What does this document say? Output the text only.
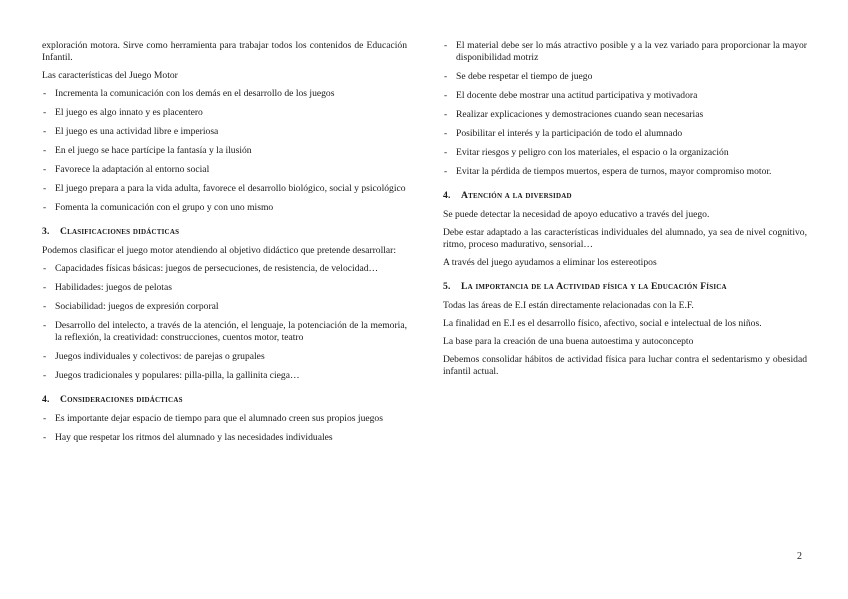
exploración motora. Sirve como herramienta para trabajar todos los contenidos de Educación Infantil.

Las características del Juego Motor

- Incrementa la comunicación con los demás en el desarrollo de los juegos
- El juego es algo innato y es placentero
- El juego es una actividad libre e imperiosa
- En el juego se hace partícipe la fantasía y la ilusión
- Favorece la adaptación al entorno social
- El juego prepara a para la vida adulta, favorece el desarrollo biológico, social y psicológico
- Fomenta la comunicación con el grupo y con uno mismo
3. Clasificaciones didácticas

Podemos clasificar el juego motor atendiendo al objetivo didáctico que pretende desarrollar:

- Capacidades físicas básicas: juegos de persecuciones, de resistencia, de velocidad…
- Habilidades: juegos de pelotas
- Sociabilidad: juegos de expresión corporal
- Desarrollo del intelecto, a través de la atención, el lenguaje, la potenciación de la memoria, la reflexión, la creatividad: construcciones, cuentos motor, teatro
- Juegos individuales y colectivos: de parejas o grupales
- Juegos tradicionales y populares: pilla-pilla, la gallinita ciega…
4. Consideraciones didácticas
- Es importante dejar espacio de tiempo para que el alumnado creen sus propios juegos
- Hay que respetar los ritmos del alumnado y las necesidades individuales
- El material debe ser lo más atractivo posible y a la vez variado para proporcionar la mayor disponibilidad motriz
- Se debe respetar el tiempo de juego
- El docente debe mostrar una actitud participativa y motivadora
- Realizar explicaciones y demostraciones cuando sean necesarias
- Posibilitar el interés y la participación de todo el alumnado
- Evitar riesgos y peligro con los materiales, el espacio o la organización
- Evitar la pérdida de tiempos muertos, espera de turnos, mayor compromiso motor.
4. Atención a la diversidad

Se puede detectar la necesidad de apoyo educativo a través del juego.

Debe estar adaptado a las características individuales del alumnado, ya sea de nivel cognitivo, ritmo, proceso madurativo, sensorial…

A través del juego ayudamos a eliminar los estereotipos

5. La importancia de la Actividad física y la Educación Física

Todas las áreas de E.I están directamente relacionadas con la E.F.

La finalidad en E.I es el desarrollo físico, afectivo, social e intelectual de los niños.

La base para la creación de una buena autoestima y autoconcepto

Debemos consolidar hábitos de actividad física para luchar contra el sedentarismo y obesidad infantil actual.

2
